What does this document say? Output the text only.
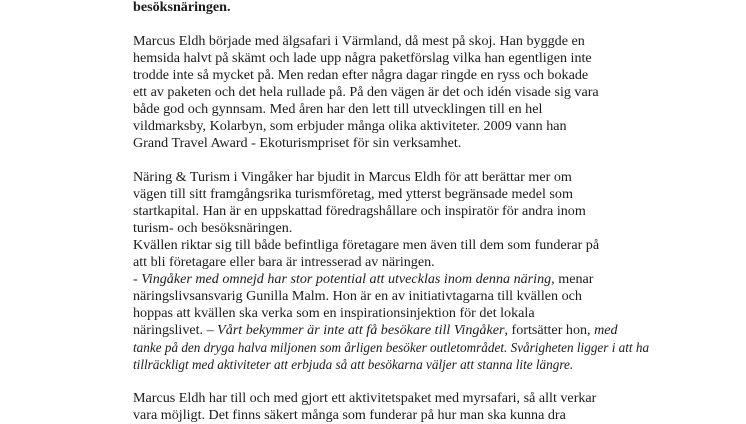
besöksnäringen.

Marcus Eldh började med älgsafari i Värmland, då mest på skoj. Han byggde en

hemsida halvt på skämt och lade upp några paketförslag vilka han egentligen inte

trodde inte så mycket på. Men redan efter några dagar ringde en ryss och bokade

ett av paketen och det hela rullade på. På den vägen är det och idén visade sig vara

både god och gynnsam. Med åren har den lett till utvecklingen till en hel

vildmarksby, Kolarbyn, som erbjuder många olika aktiviteter. 2009 vann han

Grand Travel Award - Ekoturismpriset för sin verksamhet.

Näring & Turism i Vingåker har bjudit in Marcus Eldh för att berättar mer om

vägen till sitt framgångsrika turismföretag, med ytterst begränsade medel som

startkapital. Han är en uppskattad föredragshållare och inspiratör för andra inom

turism- och besöksnäringen.

Kvällen riktar sig till både befintliga företagare men även till dem som funderar på

att bli företagare eller bara är intresserad av näringen.

- Vingåker med omnejd har stor potential att utvecklas inom denna näring, menar

näringslivsansvarig Gunilla Malm. Hon är en av initiativtagarna till kvällen och

hoppas att kvällen ska verka som en inspirationsinjektion för det lokala

näringslivet. – Vårt bekymmer är inte att få besökare till Vingåker, fortsätter hon, med

tanke på den dryga halva miljonen som årligen besöker outletområdet. Svårigheten ligger i att ha

tillräckligt med aktiviteter att erbjuda så att besökarna väljer att stanna lite längre.

Marcus Eldh har till och med gjort ett aktivitetspaket med myrsafari, så allt verkar

vara möjligt. Det finns säkert många som funderar på hur man ska kunna dra
